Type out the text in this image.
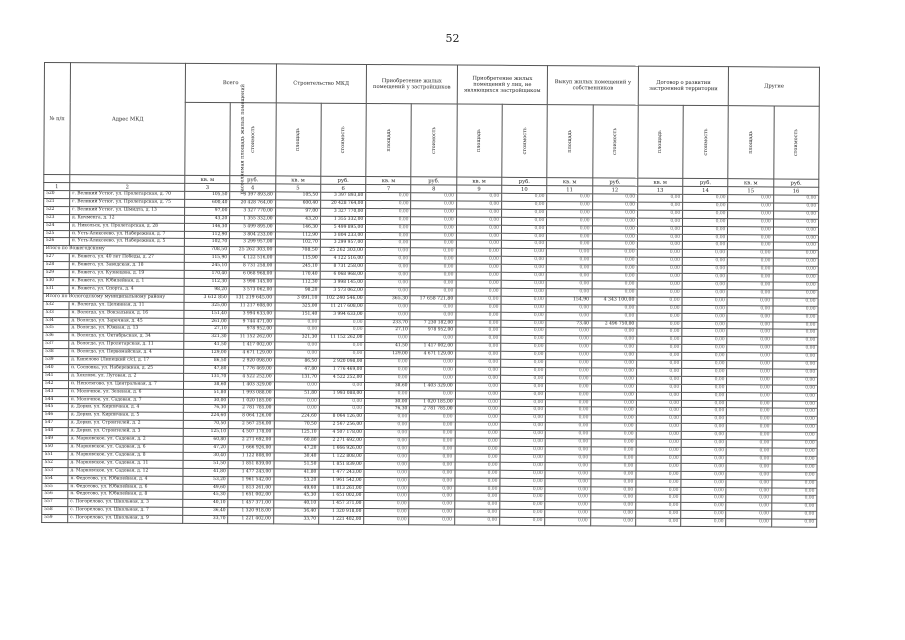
52
№ п/п	Адрес МКД	Всего		Строительство МКД		Приобретение жилых помещений у застройщиков		Приобретение жилых помещений у лиц, не являющихся застройщиком		Выкуп жилых помещений у собственников		Договор о развитии застроенной территории		Другие	
		расселяемая площадь жилых помещений	стоимость	площадь	стоимость	площадь	стоимость	площадь	стоимость	площадь	стоимость	площадь	стоимость	площадь	стоимость
		кв. м	руб.	кв. м	руб.	кв. м	руб.	кв. м	руб.	кв. м	руб.	кв. м	руб.	кв. м	руб.
1	2	3	4	5	6	7	8	9	10	11	12	13	14	15	16
520	г. Великий Устюг, ул. Пролетарская, д. 70	105,50	3 397 893,80	105,50	3 397 893,80	0,00	0,00	0,00	0,00	0,00	0,00	0,00	0,00	0,00	0,00
521	г. Великий Устюг, ул. Пролетарская, д. 75	600,40	20 428 764,00	600,40	20 428 764,00	0,00	0,00	0,00	0,00	0,00	0,00	0,00	0,00	0,00	0,00
522	г. Великий Устюг, ул. Шмидта, д. 13	97,00	3 327 770,00	97,00	3 327 770,00	0,00	0,00	0,00	0,00	0,00	0,00	0,00	0,00	0,00	0,00
523	д. Кичменга, д. 12	43,20	1 355 332,00	43,20	1 355 332,00	0,00	0,00	0,00	0,00	0,00	0,00	0,00	0,00	0,00	0,00
524	д. Никольск, ул. Пролетарская, д. 28	146,30	5 499 895,00	146,30	5 499 895,00	0,00	0,00	0,00	0,00	0,00	0,00	0,00	0,00	0,00	0,00
525	п. Усть-Алексеево, ул. Набережная, д. 7	112,90	3 804 233,00	112,90	3 804 233,00	0,00	0,00	0,00	0,00	0,00	0,00	0,00	0,00	0,00	0,00
526	п. Усть-Алексеево, ул. Набережная, д. 5	102,70	3 299 957,00	102,70	3 299 957,00	0,00	0,00	0,00	0,00	0,00	0,00	0,00	0,00	0,00	0,00
Итого по Вожегодскому		708,50	25 262 303,00	708,50	25 262 303,00	0,00	0,00	0,00	0,00	0,00	0,00	0,00	0,00	0,00	0,00
527	п. Вожега, ул. 40 лет Победы, д. 27	115,90	4 122 516,00	115,90	4 122 516,00	0,00	0,00	0,00	0,00	0,00	0,00	0,00	0,00	0,00	0,00
528	п. Вожега, ул. Заводская, д. 18	245,10	8 731 258,00	245,10	8 731 258,00	0,00	0,00	0,00	0,00	0,00	0,00	0,00	0,00	0,00	0,00
529	п. Вожега, ул. Кузнецова, д. 19	170,40	6 068 968,00	170,40	6 068 968,00	0,00	0,00	0,00	0,00	0,00	0,00	0,00	0,00	0,00	0,00
530	п. Вожега, ул. Юбилейная, д. 1	112,30	3 998 145,00	112,30	3 998 145,00	0,00	0,00	0,00	0,00	0,00	0,00	0,00	0,00	0,00	0,00
531	п. Вожега, ул. Спорта, д. 4	98,20	3 573 062,00	98,20	3 573 062,00	0,00	0,00	0,00	0,00	0,00	0,00	0,00	0,00	0,00	0,00
Итого по Вологодскому муниципальному району		3 612 850	131 219 645,00	3 091,10	102 240 546,00	365,30	17 658 721,80	0,00	0,00	154,90	4 343 100,00	0,00	0,00	0,00	0,00
532	п. Вологда, ул. Целинная, д. 11	325,00	11 217 608,00	325,00	11 217 608,00	0,00	0,00	0,00	0,00	0,00	0,00	0,00	0,00	0,00	0,00
533	п. Вологда, ул. Вокзальная, д. 16	151,40	3 994 633,00	151,40	3 994 633,00	0,00	0,00	0,00	0,00	0,00	0,00	0,00	0,00	0,00	0,00
534	д. Вологда, ул. Заречная, д. 45	261,00	9 744 471,00	0,00	0,00	233,70	7 230 182,00	0,00	0,00	73,40	2 496 750,00	0,00	0,00	0,00	0,00
535	д. Вологда, ул. Южная, д. 13	27,10	978 952,00	0,00	0,00	27,10	978 952,00	0,00	0,00	0,00	0,00	0,00	0,00	0,00	0,00
536	п. Вологда, ул. Октябрьская, д. 34	321,30	11 152 262,00	321,30	11 152 262,00	0,00	0,00	0,00	0,00	0,00	0,00	0,00	0,00	0,00	0,00
537	д. Вологда, ул. Пролетарская, д. 11	41,50	1 417 002,00	0,00	0,00	41,50	1 417 002,00	0,00	0,00	0,00	0,00	0,00	0,00	0,00	0,00
538	п. Вологда, ул. Первомайская, д. 4	129,00	4 671 129,00	0,00	0,00	129,00	4 671 129,00	0,00	0,00	0,00	0,00	0,00	0,00	0,00	0,00
539	д. Кипелово (Липецкий с/с), д. 17	86,50	2 920 098,00	86,50	2 920 098,00	0,00	0,00	0,00	0,00	0,00	0,00	0,00	0,00	0,00	0,00
540	п. Сосновка, ул. Набережная, д. 25	47,80	1 776 469,00	47,80	1 776 469,00	0,00	0,00	0,00	0,00	0,00	0,00	0,00	0,00	0,00	0,00
541	д. Хохлово, ул. Луговая, д. 2	131,70	4 522 252,00	131,70	4 522 252,00	0,00	0,00	0,00	0,00	0,00	0,00	0,00	0,00	0,00	0,00
542	п. Непотягово, ул. Центральная, д. 7	38,60	1 403 329,00	0,00	0,00	38,60	1 403 329,00	0,00	0,00	0,00	0,00	0,00	0,00	0,00	0,00
543	п. Молочное, ул. Зеленая, д. 6	51,80	1 993 088,00	51,80	1 993 088,00	0,00	0,00	0,00	0,00	0,00	0,00	0,00	0,00	0,00	0,00
544	п. Молочное, ул. Садовая, д. 7	30,00	1 020 185,00	0,00	0,00	30,00	1 020 185,00	0,00	0,00	0,00	0,00	0,00	0,00	0,00	0,00
545	д. Дорки, ул. Кирпичная, д. 4	76,30	2 781 785,00	0,00	0,00	76,30	2 781 785,00	0,00	0,00	0,00	0,00	0,00	0,00	0,00	0,00
546	д. Дорки, ул. Кирпичная, д. 5	224,60	8 064 126,00	224,60	8 064 126,00	0,00	0,00	0,00	0,00	0,00	0,00	0,00	0,00	0,00	0,00
547	д. Дорки, ул. Строителей, д. 2	70,50	2 567 256,00	70,50	2 567 256,00	0,00	0,00	0,00	0,00	0,00	0,00	0,00	0,00	0,00	0,00
548	д. Дорки, ул. Строителей, д. 3	125,10	4 507 178,00	125,10	4 507 178,00	0,00	0,00	0,00	0,00	0,00	0,00	0,00	0,00	0,00	0,00
549	д. Марковское, ул. Садовая, д. 2	60,80	2 271 692,00	60,80	2 271 692,00	0,00	0,00	0,00	0,00	0,00	0,00	0,00	0,00	0,00	0,00
550	д. Марковское, ул. Садовая, д. 6	47,20	1 666 926,00	47,20	1 666 926,00	0,00	0,00	0,00	0,00	0,00	0,00	0,00	0,00	0,00	0,00
551	д. Марковское, ул. Садовая, д. 8	30,40	1 122 808,00	30,40	1 122 808,00	0,00	0,00	0,00	0,00	0,00	0,00	0,00	0,00	0,00	0,00
552	д. Марковское, ул. Садовая, д. 11	51,50	1 851 839,00	51,50	1 851 839,00	0,00	0,00	0,00	0,00	0,00	0,00	0,00	0,00	0,00	0,00
553	д. Марковское, ул. Садовая, д. 12	41,80	1 477 243,00	41,80	1 477 243,00	0,00	0,00	0,00	0,00	0,00	0,00	0,00	0,00	0,00	0,00
554	п. Федотово, ул. Юбилейная, д. 4	53,20	1 961 542,00	53,20	1 961 542,00	0,00	0,00	0,00	0,00	0,00	0,00	0,00	0,00	0,00	0,00
555	п. Федотово, ул. Юбилейная, д. 6	49,60	1 813 261,00	49,60	1 813 261,00	0,00	0,00	0,00	0,00	0,00	0,00	0,00	0,00	0,00	0,00
556	п. Федотово, ул. Юбилейная, д. 8	45,30	1 651 002,00	45,30	1 651 002,00	0,00	0,00	0,00	0,00	0,00	0,00	0,00	0,00	0,00	0,00
557	с. Погорелово, ул. Школьная, д. 3	40,10	1 457 371,00	40,10	1 457 371,00	0,00	0,00	0,00	0,00	0,00	0,00	0,00	0,00	0,00	0,00
558	с. Погорелово, ул. Школьная, д. 7	36,40	1 320 918,00	36,40	1 320 918,00	0,00	0,00	0,00	0,00	0,00	0,00	0,00	0,00	0,00	0,00
559	с. Погорелово, ул. Школьная, д. 9	33,70	1 221 402,00	33,70	1 221 402,00	0,00	0,00	0,00	0,00	0,00	0,00	0,00	0,00	0,00	0,00
